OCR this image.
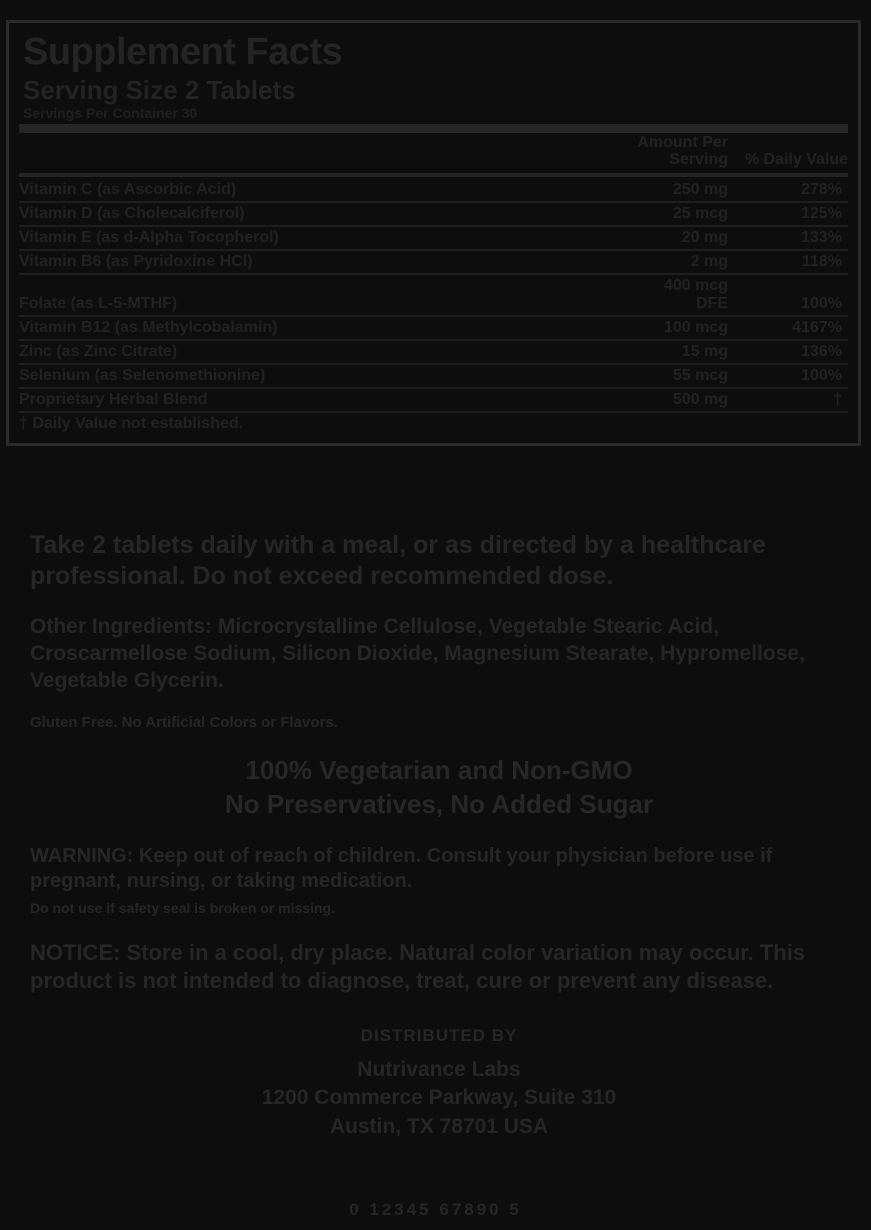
Supplement Facts
Serving Size 2 Tablets
Servings Per Container 30
	Amount Per Serving	% Daily Value

Vitamin C (as Ascorbic Acid)	250 mg	278%
Vitamin D (as Cholecalciferol)	25 mcg	125%
Vitamin E (as d-Alpha Tocopherol)	20 mg	133%
Vitamin B6 (as Pyridoxine HCl)	2 mg	118%
Folate (as L-5-MTHF)	400 mcg DFE	100%
Vitamin B12 (as Methylcobalamin)	100 mcg	4167%
Zinc (as Zinc Citrate)	15 mg	136%
Selenium (as Selenomethionine)	55 mcg	100%
Proprietary Herbal Blend	500 mg	†
† Daily Value not established.		

Take 2 tablets daily with a meal, or as directed by a healthcare professional. Do not exceed recommended dose.

Other Ingredients: Microcrystalline Cellulose, Vegetable Stearic Acid, Croscarmellose Sodium, Silicon Dioxide, Magnesium Stearate, Hypromellose, Vegetable Glycerin.

Gluten Free. No Artificial Colors or Flavors.

100% Vegetarian and Non-GMO
No Preservatives, No Added Sugar

WARNING: Keep out of reach of children. Consult your physician before use if pregnant, nursing, or taking medication.

Do not use if safety seal is broken or missing.

NOTICE: Store in a cool, dry place. Natural color variation may occur. This product is not intended to diagnose, treat, cure or prevent any disease.

DISTRIBUTED BY
Nutrivance Labs
1200 Commerce Parkway, Suite 310
Austin, TX 78701 USA
0 12345 67890 5
